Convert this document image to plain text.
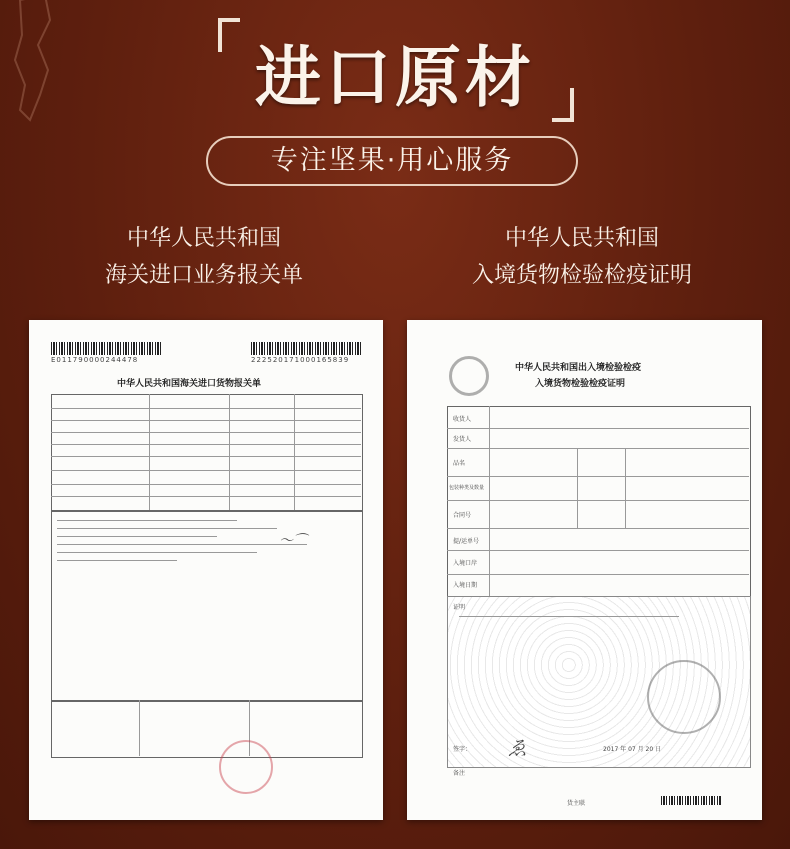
进口原材
专注坚果·用心服务
中华人民共和国
海关进口业务报关单
中华人民共和国
入境货物检验检疫证明
E011790000244478	222520171000165839
中华人民共和国海关进口货物报关单
〜⌒
中华人民共和国出入境检验检疫
入境货物检验检疫证明
收货人
发货人
品名
包装种类及数量
合同号
提/运单号
入境口岸
入境日期
证明
签字： ゑ	2017 年 07 月 20 日
备注
货主联
